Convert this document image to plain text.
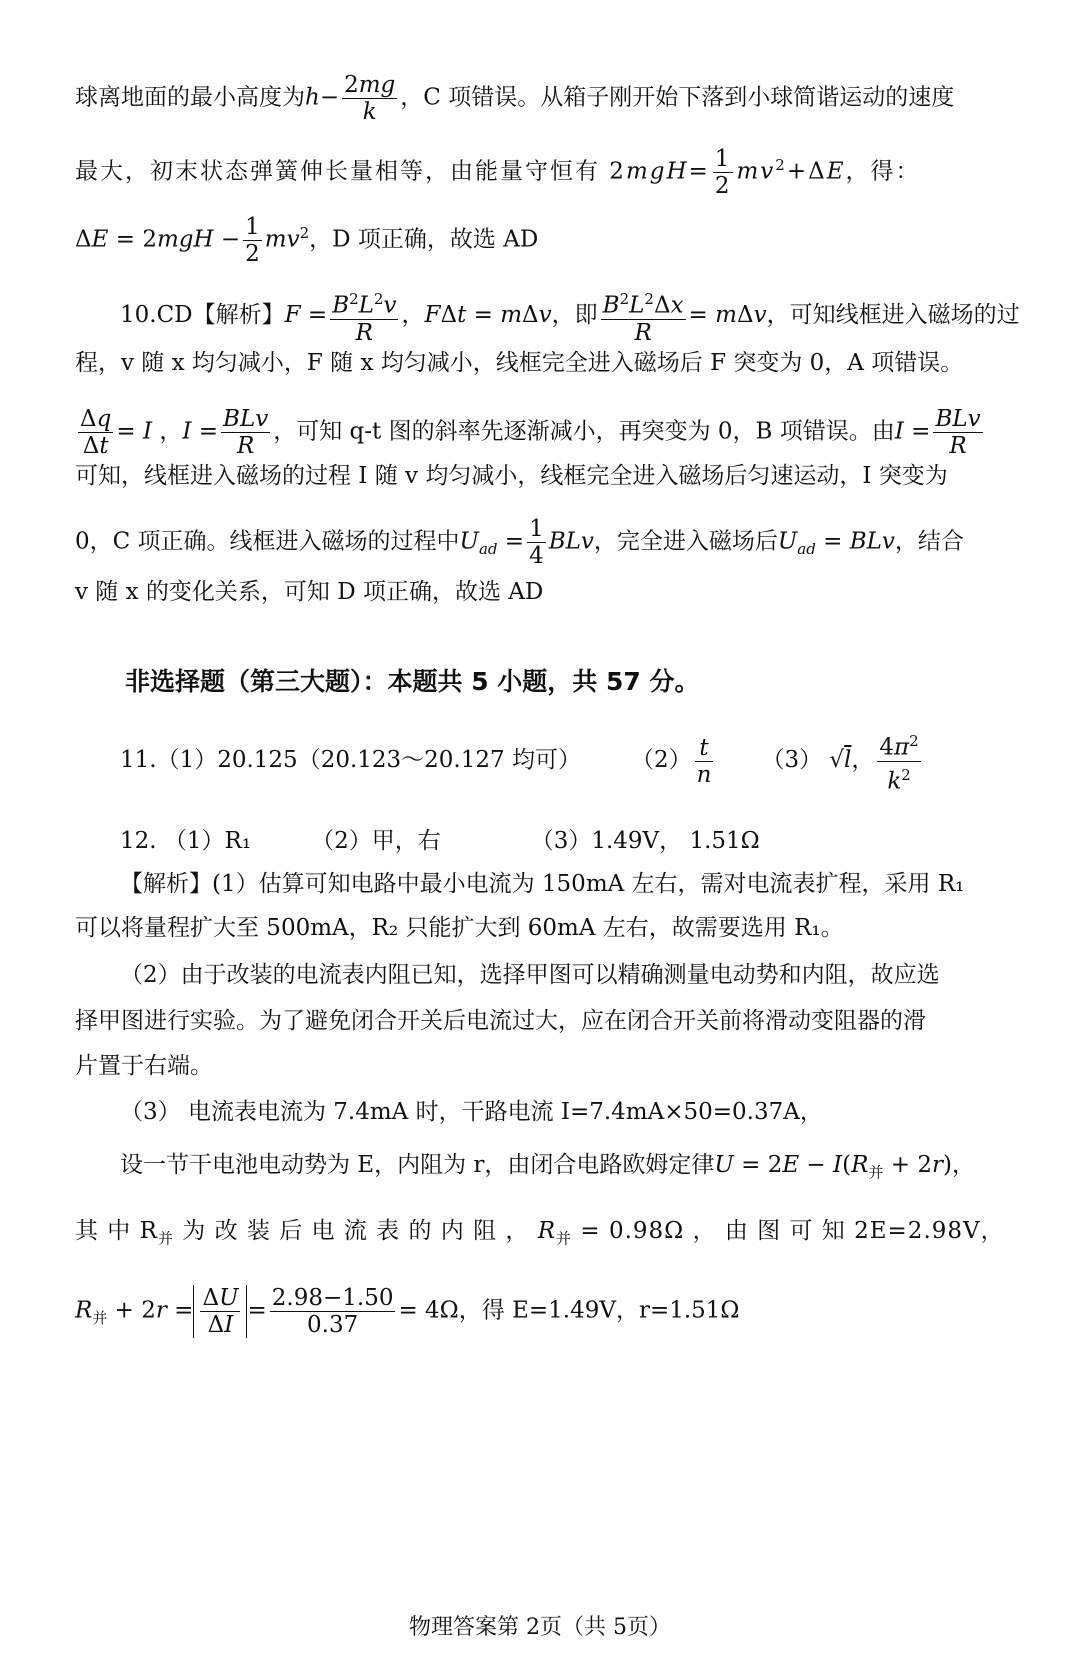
球离地面的最小高度为$h- \frac{2mg}{k}$ ，C 项错误。从箱子刚开始下落到小球简谐运动的速度
最大，初末状态弹簧伸长量相等，由能量守恒有 $2mgH= \frac{1}{2} mv^2+\Delta E$，得：
$\Delta E = 2mgH - \frac{1}{2} mv^2$，D 项正确，故选 AD
10.CD【解析】$F = \frac{B^2L^2v}{R}$ ，FΔt = mΔv，即 $\frac{B^2L^2\Delta x}{R} = m\Delta v$，可知线框进入磁场的过
程，v 随 x 均匀减小，F 随 x 均匀减小，线框完全进入磁场后 F 突变为 0，A 项错误。
$\frac{\Delta q}{\Delta t} = I$ ，$I = \frac{\text{BLv}}{R}$ ，可知 q-t 图的斜率先逐渐减小，再突变为 0，B 项错误。由$I = \frac{\text{BLv}}{R}$
可知，线框进入磁场的过程 I 随 v 均匀减小，线框完全进入磁场后匀速运动，I 突变为
0，C 项正确。线框进入磁场的过程中$U_{ad} = \frac{1}{4}$ BLv，完全进入磁场后$U_{ad}$ = BLv，结合
v 随 x 的变化关系，可知 D 项正确，故选 AD
非选择题（第三大题）：本题共 5 小题，共 57 分。
11.（1）20.125（20.123～20.127 均可） $(2) \frac{t}{n} (3)$ √l， $\frac{4\pi^2}{k^2}$
12. （1）R₁	（2）甲，右	（3）1.49V， 1.51Ω
【解析】(1）估算可知电路中最小电流为 150mA 左右，需对电流表扩程，采用 R₁
可以将量程扩大至 500mA，R₂ 只能扩大到 60mA 左右，故需要选用 R₁。
（2）由于改装的电流表内阻已知，选择甲图可以精确测量电动势和内阻，故应选
择甲图进行实验。为了避免闭合开关后电流过大，应在闭合开关前将滑动变阻器的滑
片置于右端。
（3） 电流表电流为 7.4mA 时，干路电流 I=7.4mA×50=0.37A，
设一节干电池电动势为 E，内阻为 r，由闭合电路欧姆定律$U = 2E - I(R_并 + 2r)$，
其 中 $R_并$ 为 改 装 后 电 流 表 的 内 阻 ， $R_并 = 0.98\Omega$ ， 由 图 可 知 2E=2.98V，
$R_并 + 2r = \frac{\Delta U}{\Delta I} = \frac{2.98-1.50}{0.37} = 4\Omega$，得 E=1.49V，r=1.51Ω
物理答案第 2页（共 5页）
